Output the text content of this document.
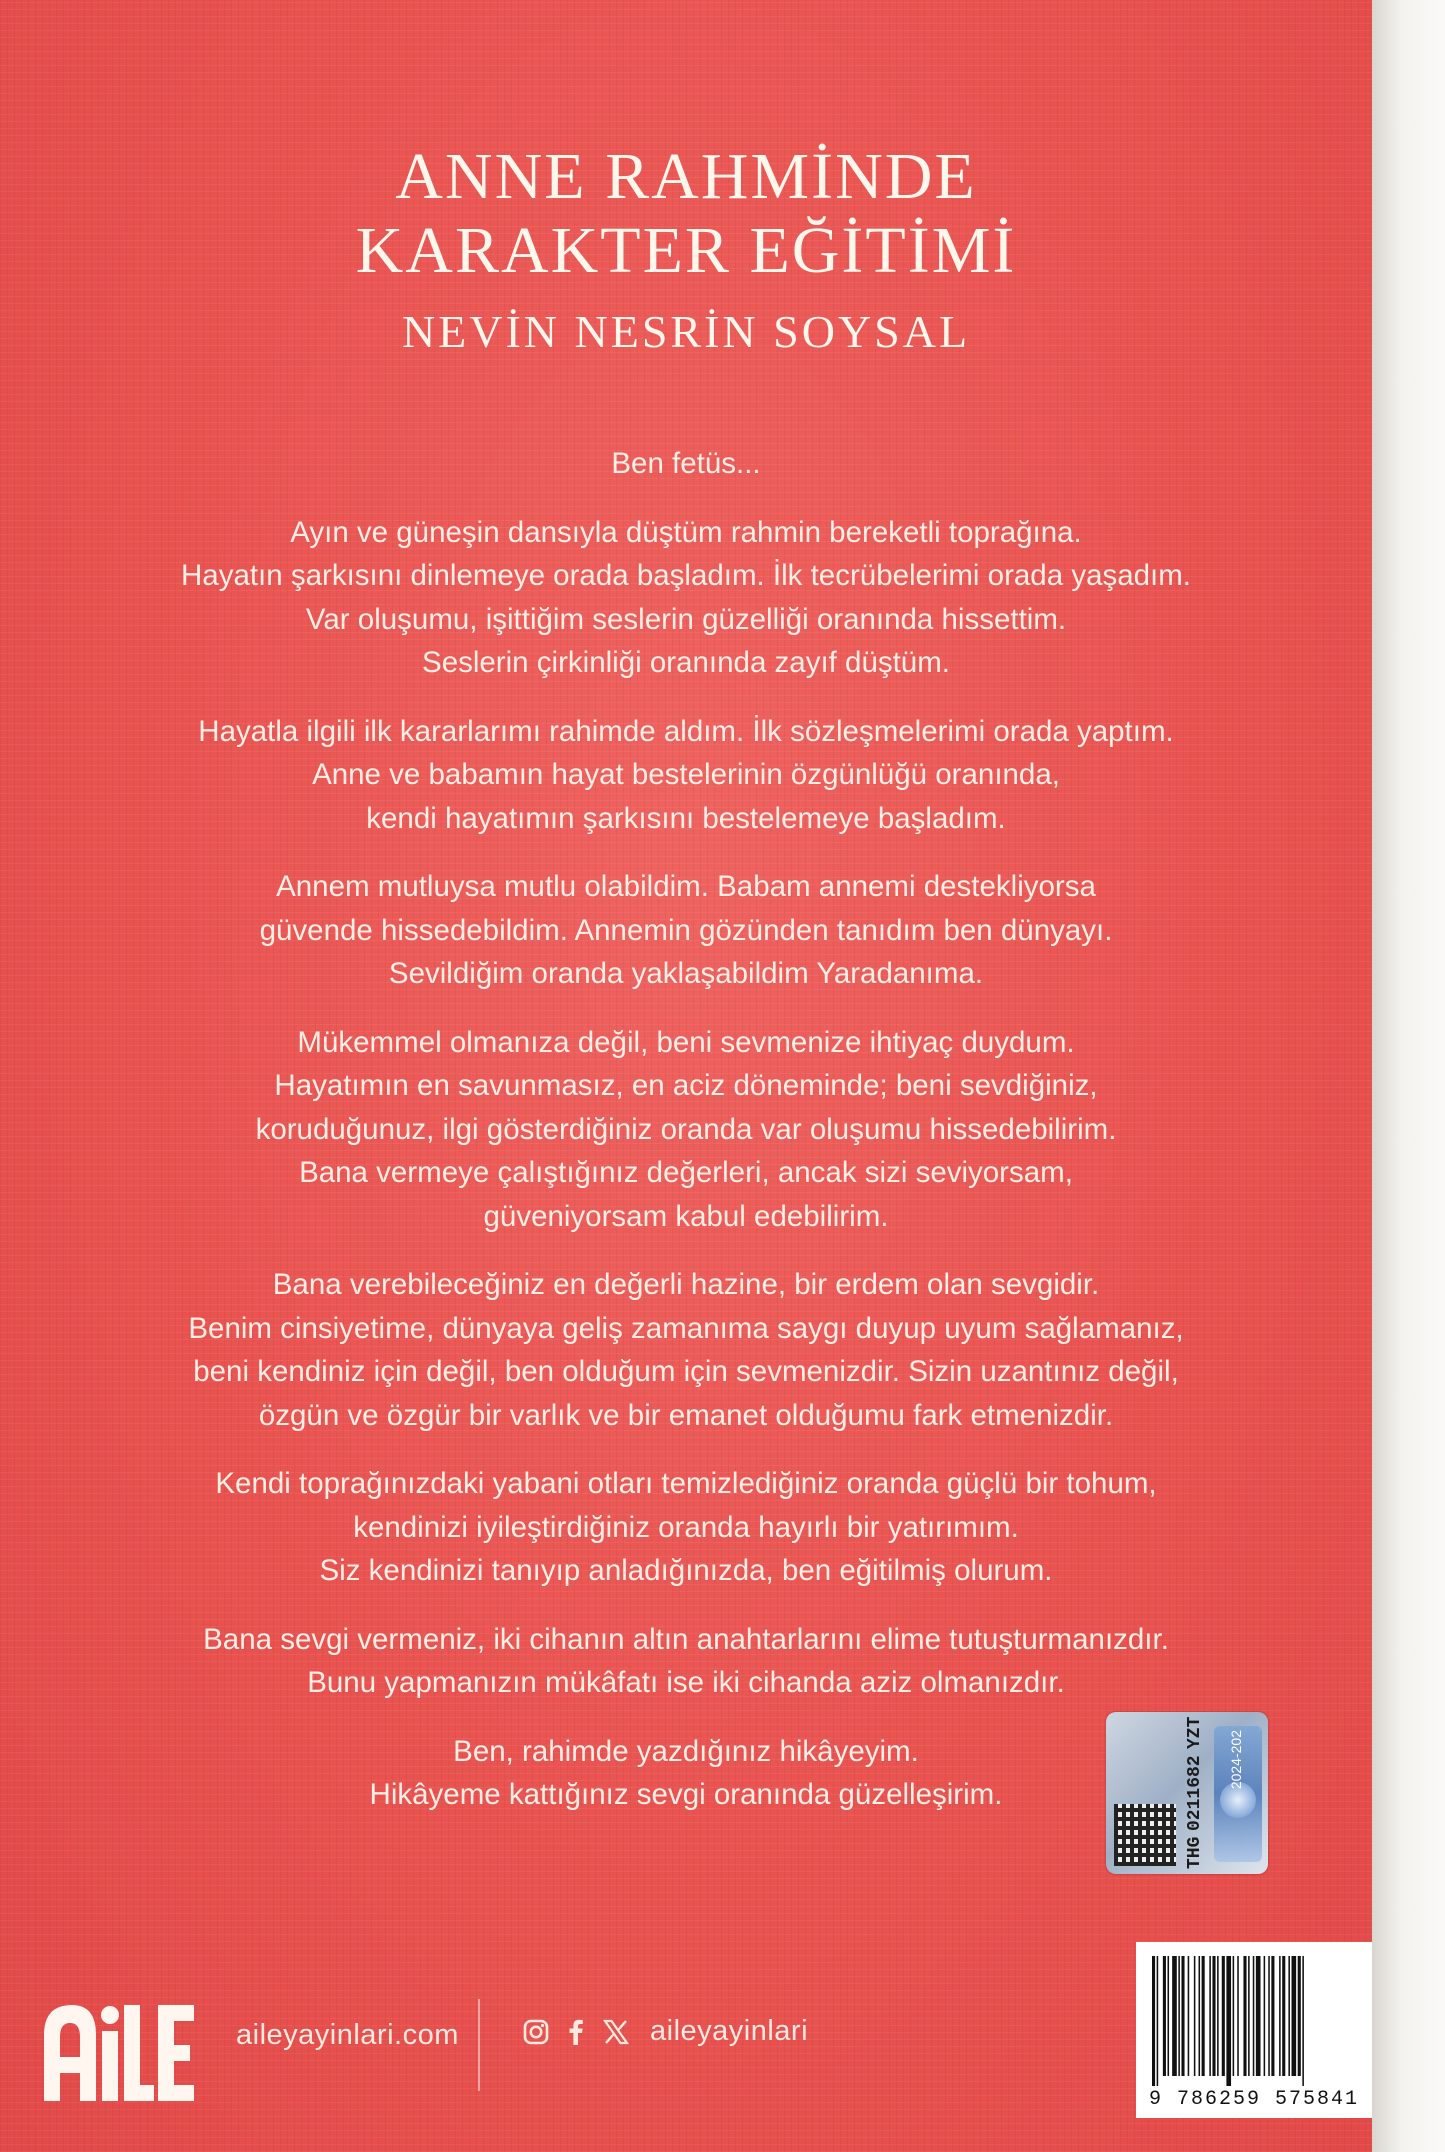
ANNE RAHMİNDE
KARAKTER EĞİTİMİ
NEVİN NESRİN SOYSAL
Ben fetüs...
Ayın ve güneşin dansıyla düştüm rahmin bereketli toprağına.
Hayatın şarkısını dinlemeye orada başladım. İlk tecrübelerimi orada yaşadım.
Var oluşumu, işittiğim seslerin güzelliği oranında hissettim.
Seslerin çirkinliği oranında zayıf düştüm.
Hayatla ilgili ilk kararlarımı rahimde aldım. İlk sözleşmelerimi orada yaptım.
Anne ve babamın hayat bestelerinin özgünlüğü oranında,
kendi hayatımın şarkısını bestelemeye başladım.
Annem mutluysa mutlu olabildim. Babam annemi destekliyorsa
güvende hissedebildim. Annemin gözünden tanıdım ben dünyayı.
Sevildiğim oranda yaklaşabildim Yaradanıma.
Mükemmel olmanıza değil, beni sevmenize ihtiyaç duydum.
Hayatımın en savunmasız, en aciz döneminde; beni sevdiğiniz,
koruduğunuz, ilgi gösterdiğiniz oranda var oluşumu hissedebilirim.
Bana vermeye çalıştığınız değerleri, ancak sizi seviyorsam,
güveniyorsam kabul edebilirim.
Bana verebileceğiniz en değerli hazine, bir erdem olan sevgidir.
Benim cinsiyetime, dünyaya geliş zamanıma saygı duyup uyum sağlamanız,
beni kendiniz için değil, ben olduğum için sevmenizdir. Sizin uzantınız değil,
özgün ve özgür bir varlık ve bir emanet olduğumu fark etmenizdir.
Kendi toprağınızdaki yabani otları temizlediğiniz oranda güçlü bir tohum,
kendinizi iyileştirdiğiniz oranda hayırlı bir yatırımım.
Siz kendinizi tanıyıp anladığınızda, ben eğitilmiş olurum.
Bana sevgi vermeniz, iki cihanın altın anahtarlarını elime tutuşturmanızdır.
Bunu yapmanızın mükâfatı ise iki cihanda aziz olmanızdır.
Ben, rahimde yazdığınız hikâyeyim.
Hikâyeme kattığınız sevgi oranında güzelleşirim.
THG
0211682
YZT 2024-202
AİLE
aileyayinlari.com	aileyayinlari
9 786259 575841
